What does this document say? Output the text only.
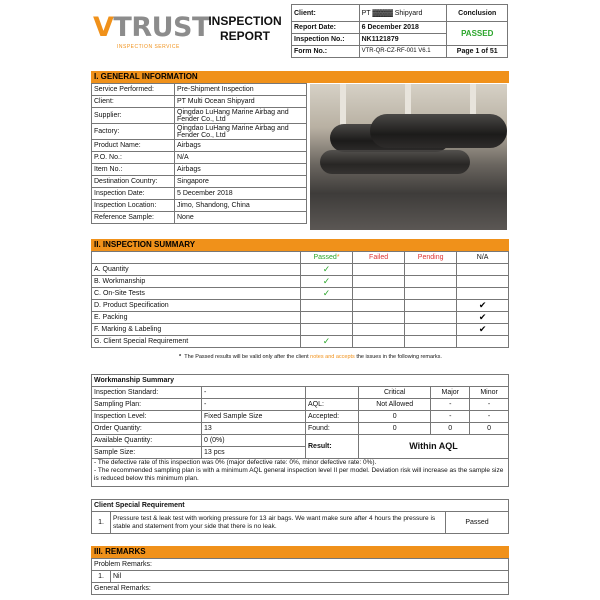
VTRUST
INSPECTION SERVICE
INSPECTION REPORT
Client:	PT ▓▓▓▓ Shipyard	Conclusion
Report Date:	6 December 2018	PASSED
Inspection No.:	NK1121879	
Form No.:	VTR-QR-CZ-RF-001 V6.1	Page 1 of 51
I. GENERAL INFORMATION
Service Performed:	Pre-Shipment Inspection
Client:	PT Multi Ocean Shipyard
Supplier:	Qingdao LuHang Marine Airbag and Fender Co., Ltd
Factory:	Qingdao LuHang Marine Airbag and Fender Co., Ltd
Product Name:	Airbags
P.O. No.:	N/A
Item No.:	Airbags
Destination Country:	Singapore
Inspection Date:	5 December 2018
Inspection Location:	Jimo, Shandong, China
Reference Sample:	None
II. INSPECTION SUMMARY
	Passed*	Failed	Pending	N/A
A. Quantity	✓			
B. Workmanship	✓			
C. On-Site Tests	✓			
D. Product Specification				✔
E. Packing				✔
F. Marking & Labeling				✔
G. Client Special Requirement	✓			
* The Passed results will be valid only after the client notes and accepts the issues in the following remarks.
Workmanship Summary					
Inspection Standard:	-		Critical	Major	Minor
Sampling Plan:	-	AQL:	Not Allowed	-	-
Inspection Level:	Fixed Sample Size	Accepted:	0	-	-
Order Quantity:	13	Found:	0	0	0
Available Quantity:	0 (0%)	Result:	Within AQL		
Sample Size:	13 pcs				

- The defective rate of this inspection was 0% (major defective rate: 0%, minor defective rate: 0%).
- The recommended sampling plan is with a minimum AQL general inspection level II per model. Deviation risk will increase as the sample size is reduced below this minimum plan.					
Client Special Requirement
1.	Pressure test & leak test with working pressure for 13 air bags. We want make sure after 4 hours the pressure is stable and statement from your side that there is no leak.	Passed
III. REMARKS
Problem Remarks:
1.	Nil
General Remarks:
